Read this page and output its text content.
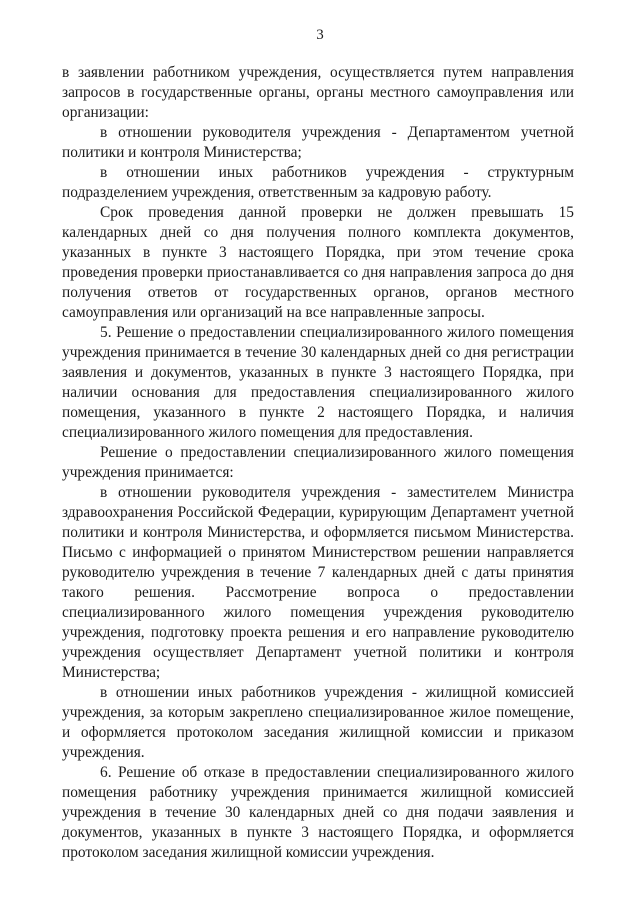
3

в заявлении работником учреждения, осуществляется путем направления запросов в государственные органы, органы местного самоуправления или организации:

в отношении руководителя учреждения - Департаментом учетной политики и контроля Министерства;

в отношении иных работников учреждения - структурным подразделением учреждения, ответственным за кадровую работу.

Срок проведения данной проверки не должен превышать 15 календарных дней со дня получения полного комплекта документов, указанных в пункте 3 настоящего Порядка, при этом течение срока проведения проверки приостанавливается со дня направления запроса до дня получения ответов от государственных органов, органов местного самоуправления или организаций на все направленные запросы.

5. Решение о предоставлении специализированного жилого помещения учреждения принимается в течение 30 календарных дней со дня регистрации заявления и документов, указанных в пункте 3 настоящего Порядка, при наличии основания для предоставления специализированного жилого помещения, указанного в пункте 2 настоящего Порядка, и наличия специализированного жилого помещения для предоставления.

Решение о предоставлении специализированного жилого помещения учреждения принимается:

в отношении руководителя учреждения - заместителем Министра здравоохранения Российской Федерации, курирующим Департамент учетной политики и контроля Министерства, и оформляется письмом Министерства. Письмо с информацией о принятом Министерством решении направляется руководителю учреждения в течение 7 календарных дней с даты принятия такого решения. Рассмотрение вопроса о предоставлении специализированного жилого помещения учреждения руководителю учреждения, подготовку проекта решения и его направление руководителю учреждения осуществляет Департамент учетной политики и контроля Министерства;

в отношении иных работников учреждения - жилищной комиссией учреждения, за которым закреплено специализированное жилое помещение, и оформляется протоколом заседания жилищной комиссии и приказом учреждения.

6. Решение об отказе в предоставлении специализированного жилого помещения работнику учреждения принимается жилищной комиссией учреждения в течение 30 календарных дней со дня подачи заявления и документов, указанных в пункте 3 настоящего Порядка, и оформляется протоколом заседания жилищной комиссии учреждения.
